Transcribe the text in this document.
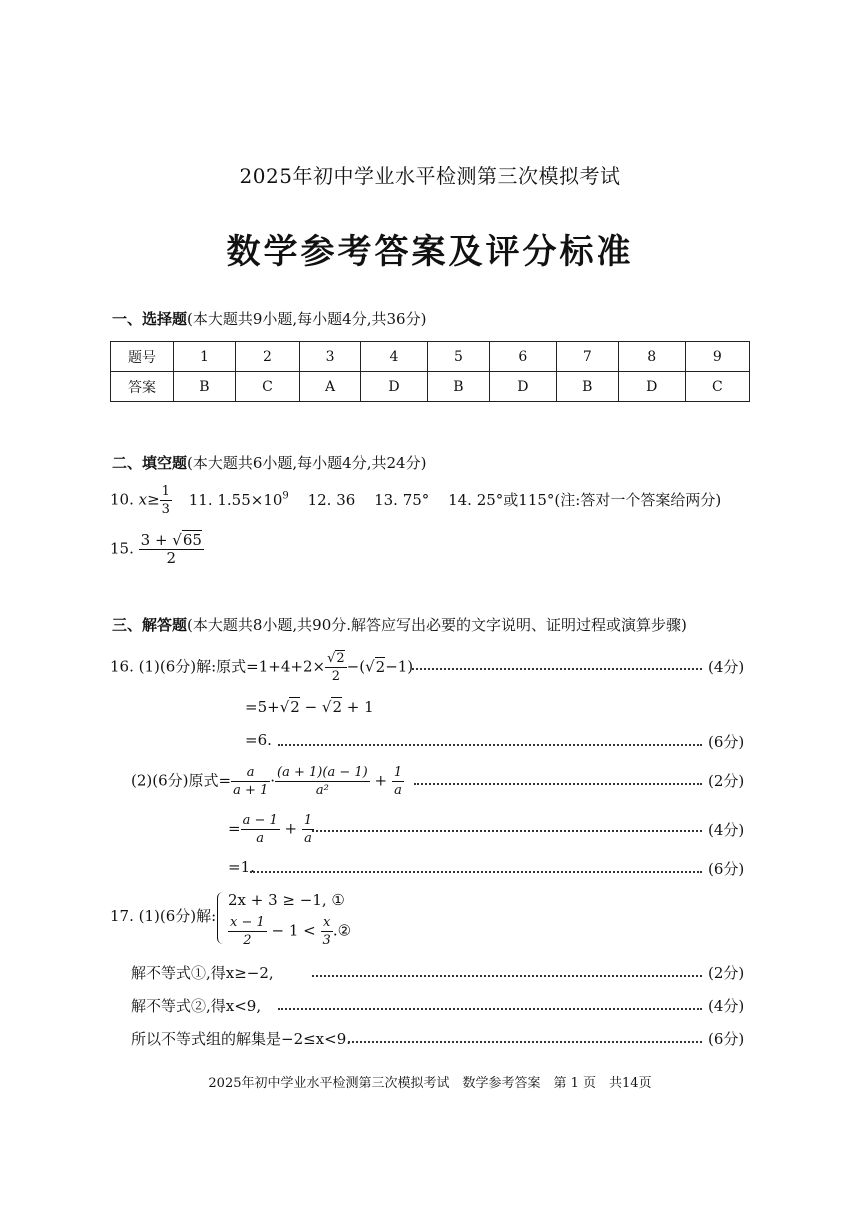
2025年初中学业水平检测第三次模拟考试
数学参考答案及评分标准
一、选择题(本大题共9小题,每小题4分,共36分)
题号	1	2	3	4	5	6	7	8	9
答案	B	C	A	D	B	D	B	D	C
二、填空题(本大题共6小题,每小题4分,共24分)
10. $x\ge \frac{1}{3} 11$. $1.55\times 10^9$ 12. 36 13. 75° 14. 25°或115°(注:答对一个答案给两分)
15. $\frac{3 + √65}{2}$
三、解答题(本大题共8小题,共90分.解答应写出必要的文字说明、证明过程或演算步骤)
16. (1)(6分)解:原式$=1+4+2\times \frac{√2}{2} -(√2-1)$	(4分)
=5+√2 − √2 + 1
=6.	(6分)
(2)(6分)原式= $\frac{a}{a + 1} \cdot \frac{(a + 1)(a - 1)}{\text{a²}} + \frac{1}{a}$	(2分)
= $\frac{a - 1}{a} + \frac{1}{a}$	(4分)
=1.	(6分)
17. (1)(6分)解:
2x + 3 ≥ −1, ①
$\frac{x - 1}{2} - 1 < \frac{x}{3}$ .②
解不等式①,得x≥−2,	(2分)
解不等式②,得x<9,	(4分)
所以不等式组的解集是−2≤x<9.	(6分)
2025年初中学业水平检测第三次模拟考试　数学参考答案　第 1 页　共14页
